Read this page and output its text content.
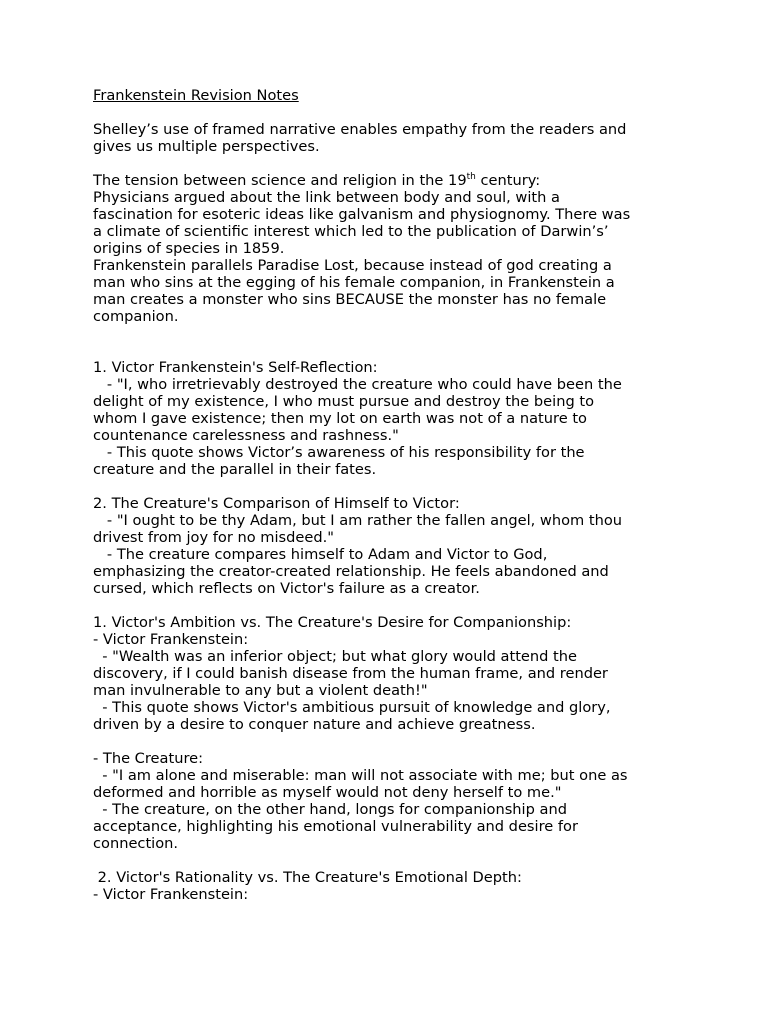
Frankenstein Revision Notes
Shelley’s use of framed narrative enables empathy from the readers and
gives us multiple perspectives.
The tension between science and religion in the 19th century:
Physicians argued about the link between body and soul, with a
fascination for esoteric ideas like galvanism and physiognomy. There was
a climate of scientific interest which led to the publication of Darwin’s’
origins of species in 1859.
Frankenstein parallels Paradise Lost, because instead of god creating a
man who sins at the egging of his female companion, in Frankenstein a
man creates a monster who sins BECAUSE the monster has no female
companion.
1. Victor Frankenstein's Self-Reflection:
- "I, who irretrievably destroyed the creature who could have been the
delight of my existence, I who must pursue and destroy the being to
whom I gave existence; then my lot on earth was not of a nature to
countenance carelessness and rashness."
- This quote shows Victor’s awareness of his responsibility for the
creature and the parallel in their fates.
2. The Creature's Comparison of Himself to Victor:
- "I ought to be thy Adam, but I am rather the fallen angel, whom thou
drivest from joy for no misdeed."
- The creature compares himself to Adam and Victor to God,
emphasizing the creator-created relationship. He feels abandoned and
cursed, which reflects on Victor's failure as a creator.
1. Victor's Ambition vs. The Creature's Desire for Companionship:
- Victor Frankenstein:
- "Wealth was an inferior object; but what glory would attend the
discovery, if I could banish disease from the human frame, and render
man invulnerable to any but a violent death!"
- This quote shows Victor's ambitious pursuit of knowledge and glory,
driven by a desire to conquer nature and achieve greatness.
- The Creature:
- "I am alone and miserable: man will not associate with me; but one as
deformed and horrible as myself would not deny herself to me."
- The creature, on the other hand, longs for companionship and
acceptance, highlighting his emotional vulnerability and desire for
connection.
2. Victor's Rationality vs. The Creature's Emotional Depth:
- Victor Frankenstein:
